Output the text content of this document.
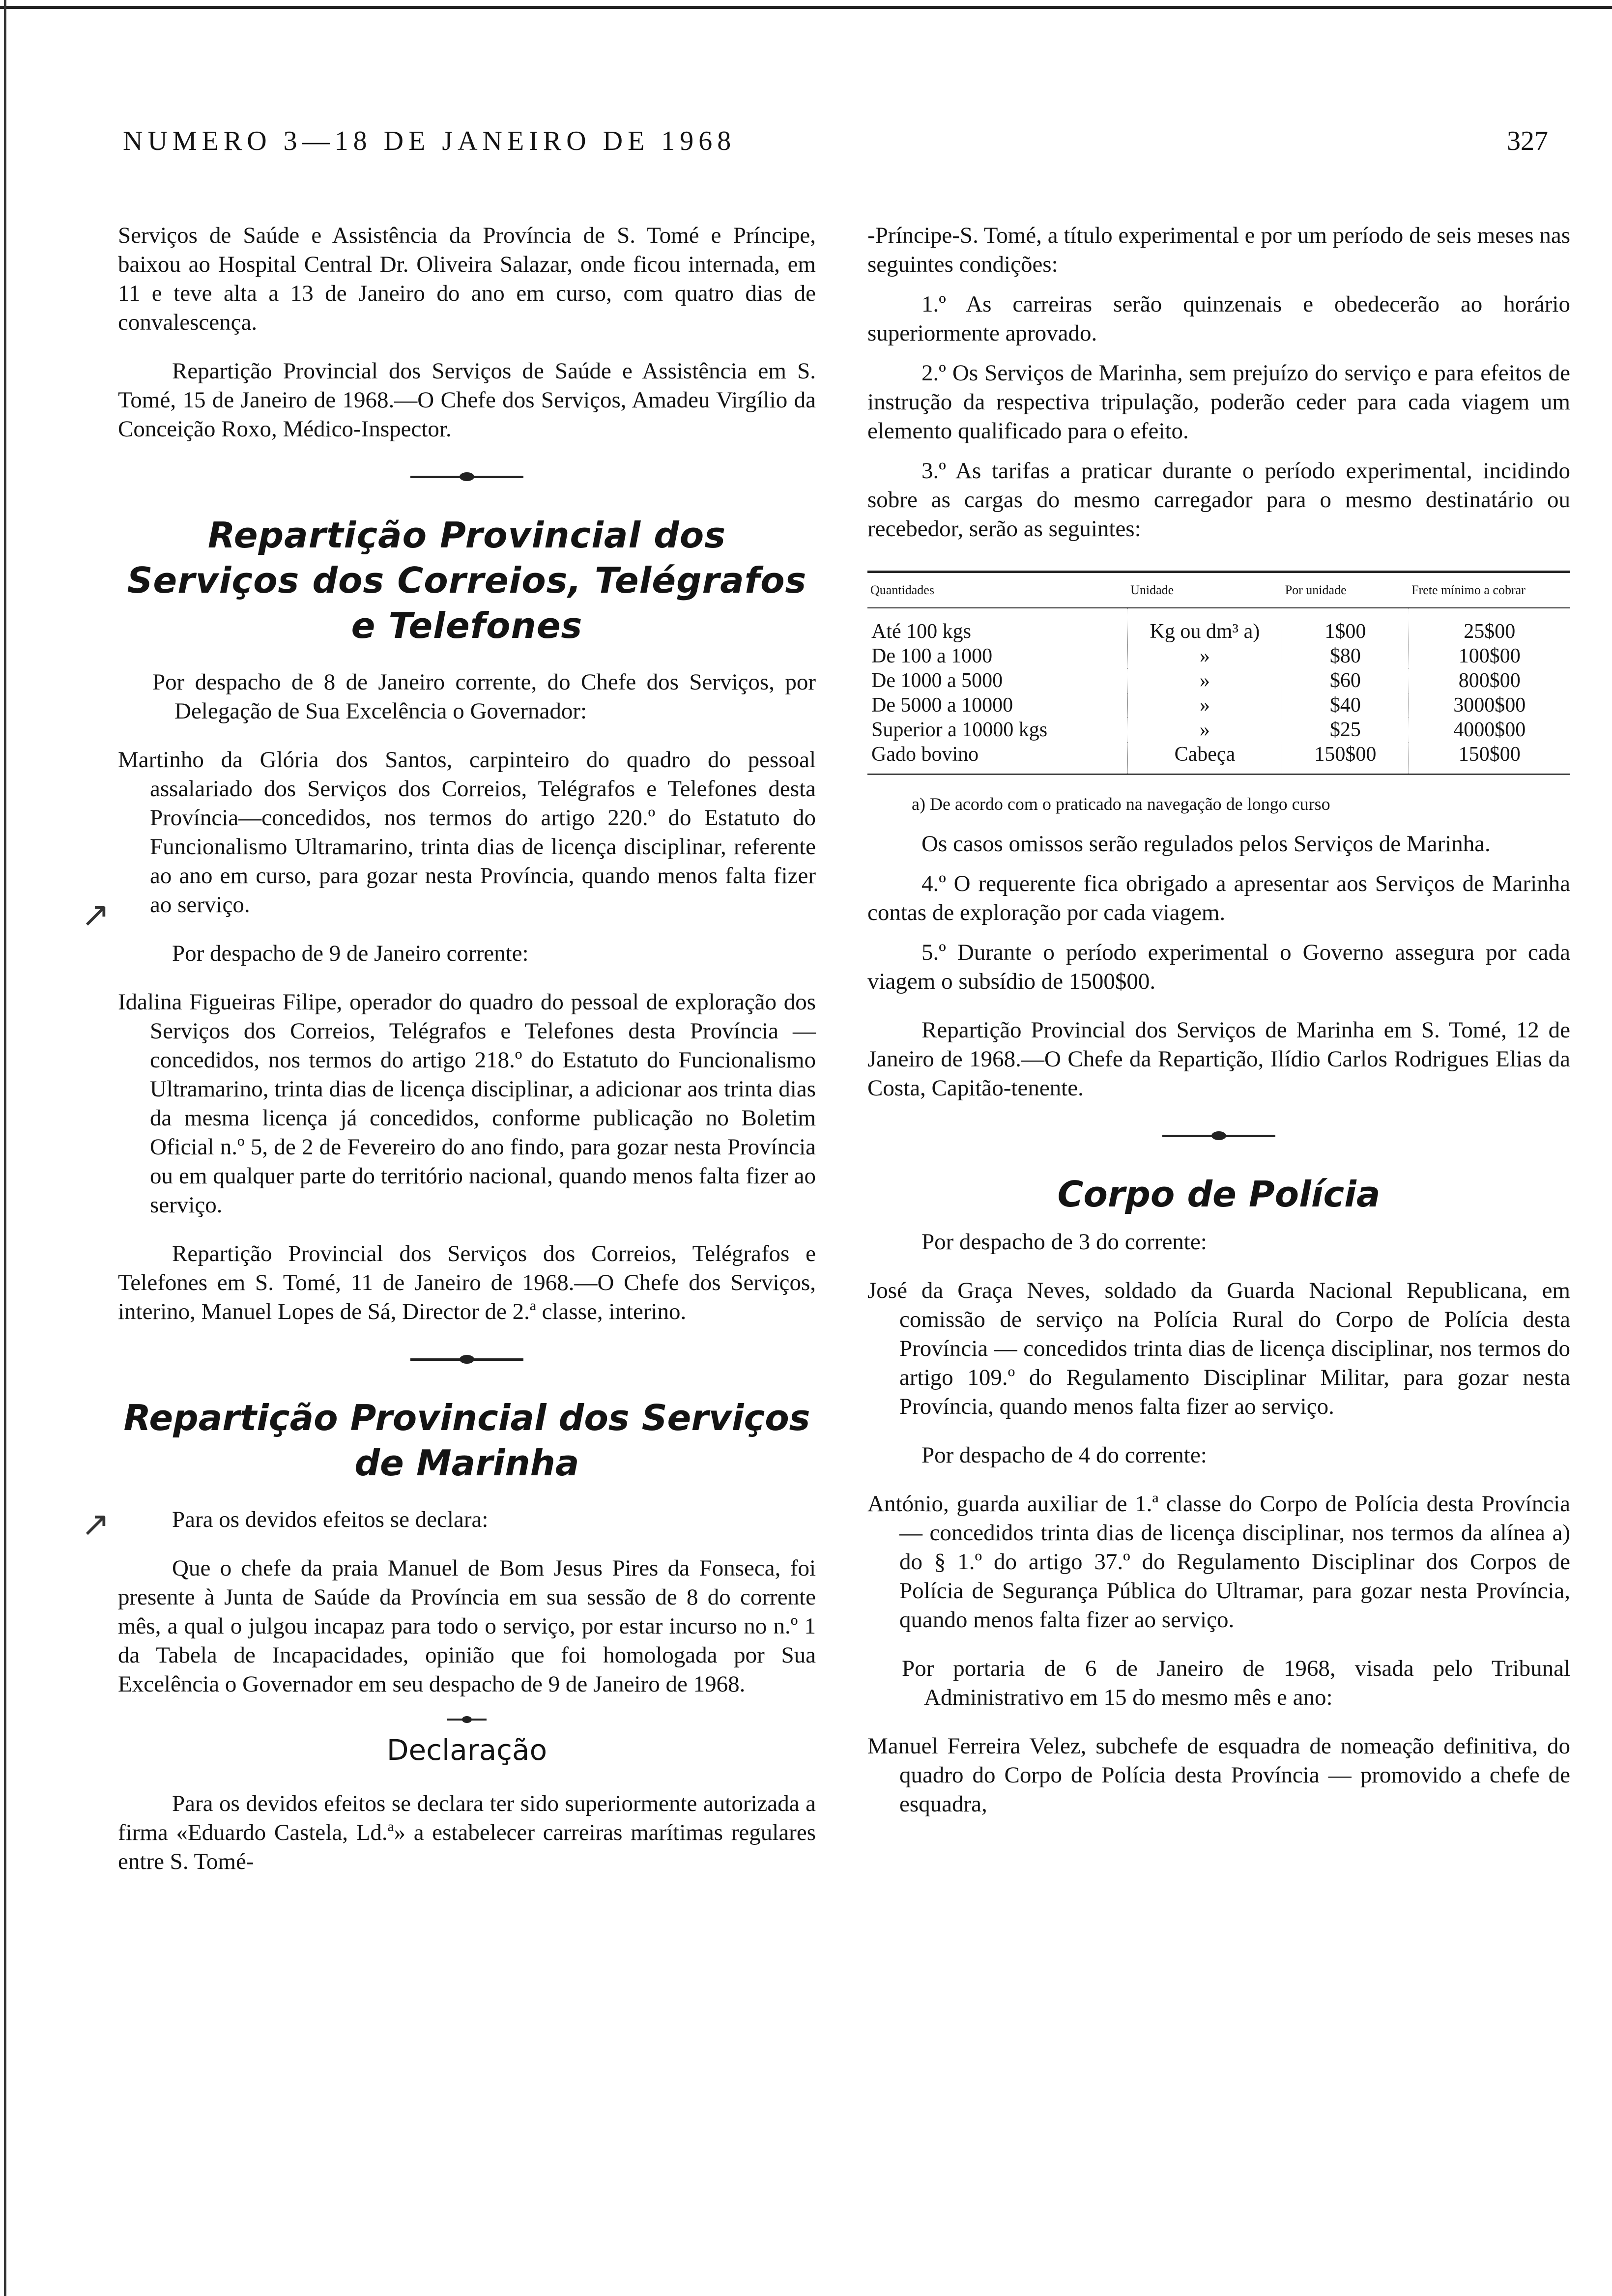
NUMERO 3—18 DE JANEIRO DE 1968	327
↗
↗

Serviços de Saúde e Assistência da Província de S. Tomé e Príncipe, baixou ao Hospital Central Dr. Oliveira Salazar, onde ficou internada, em 11 e teve alta a 13 de Janeiro do ano em curso, com quatro dias de convalescença.

Repartição Provincial dos Serviços de Saúde e Assistência em S. Tomé, 15 de Janeiro de 1968.—O Chefe dos Serviços, Amadeu Virgílio da Conceição Roxo, Médico-Inspector.

Repartição Provincial dos Serviços dos Correios, Telégrafos e Telefones

Por despacho de 8 de Janeiro corrente, do Chefe dos Serviços, por Delegação de Sua Excelência o Governador:

Martinho da Glória dos Santos, carpinteiro do quadro do pessoal assalariado dos Serviços dos Correios, Telégrafos e Telefones desta Província—concedidos, nos termos do artigo 220.º do Estatuto do Funcionalismo Ultramarino, trinta dias de licença disciplinar, referente ao ano em curso, para gozar nesta Província, quando menos falta fizer ao serviço.

Por despacho de 9 de Janeiro corrente:

Idalina Figueiras Filipe, operador do quadro do pessoal de exploração dos Serviços dos Correios, Telégrafos e Telefones desta Província — concedidos, nos termos do artigo 218.º do Estatuto do Funcionalismo Ultramarino, trinta dias de licença disciplinar, a adicionar aos trinta dias da mesma licença já concedidos, conforme publicação no Boletim Oficial n.º 5, de 2 de Fevereiro do ano findo, para gozar nesta Província ou em qualquer parte do território nacional, quando menos falta fizer ao serviço.

Repartição Provincial dos Serviços dos Correios, Telégrafos e Telefones em S. Tomé, 11 de Janeiro de 1968.—O Chefe dos Serviços, interino, Manuel Lopes de Sá, Director de 2.ª classe, interino.

Repartição Provincial dos Serviços de Marinha

Para os devidos efeitos se declara:

Que o chefe da praia Manuel de Bom Jesus Pires da Fonseca, foi presente à Junta de Saúde da Província em sua sessão de 8 do corrente mês, a qual o julgou incapaz para todo o serviço, por estar incurso no n.º 1 da Tabela de Incapacidades, opinião que foi homologada por Sua Excelência o Governador em seu despacho de 9 de Janeiro de 1968.

Declaração

Para os devidos efeitos se declara ter sido superiormente autorizada a firma «Eduardo Castela, Ld.ª» a estabelecer carreiras marítimas regulares entre S. Tomé-

-Príncipe-S. Tomé, a título experimental e por um período de seis meses nas seguintes condições:

1.º As carreiras serão quinzenais e obedecerão ao horário superiormente aprovado.

2.º Os Serviços de Marinha, sem prejuízo do serviço e para efeitos de instrução da respectiva tripulação, poderão ceder para cada viagem um elemento qualificado para o efeito.

3.º As tarifas a praticar durante o período experimental, incidindo sobre as cargas do mesmo carregador para o mesmo destinatário ou recebedor, serão as seguintes:

Quantidades	Unidade	Por unidade	Frete mínimo a cobrar
Até 100 kgs	Kg ou dm³ a)	1$00	25$00
De 100 a 1000	»	$80	100$00
De 1000 a 5000	»	$60	800$00
De 5000 a 10000	»	$40	3000$00
Superior a 10000 kgs	»	$25	4000$00
Gado bovino	Cabeça	150$00	150$00

a) De acordo com o praticado na navegação de longo curso

Os casos omissos serão regulados pelos Serviços de Marinha.

4.º O requerente fica obrigado a apresentar aos Serviços de Marinha contas de exploração por cada viagem.

5.º Durante o período experimental o Governo assegura por cada viagem o subsídio de 1500$00.

Repartição Provincial dos Serviços de Marinha em S. Tomé, 12 de Janeiro de 1968.—O Chefe da Repartição, Ilídio Carlos Rodrigues Elias da Costa, Capitão-tenente.

Corpo de Polícia

Por despacho de 3 do corrente:

José da Graça Neves, soldado da Guarda Nacional Republicana, em comissão de serviço na Polícia Rural do Corpo de Polícia desta Província — concedidos trinta dias de licença disciplinar, nos termos do artigo 109.º do Regulamento Disciplinar Militar, para gozar nesta Província, quando menos falta fizer ao serviço.

Por despacho de 4 do corrente:

António, guarda auxiliar de 1.ª classe do Corpo de Polícia desta Província — concedidos trinta dias de licença disciplinar, nos termos da alínea a) do § 1.º do artigo 37.º do Regulamento Disciplinar dos Corpos de Polícia de Segurança Pública do Ultramar, para gozar nesta Província, quando menos falta fizer ao serviço.

Por portaria de 6 de Janeiro de 1968, visada pelo Tribunal Administrativo em 15 do mesmo mês e ano:

Manuel Ferreira Velez, subchefe de esquadra de nomeação definitiva, do quadro do Corpo de Polícia desta Província — promovido a chefe de esquadra,
